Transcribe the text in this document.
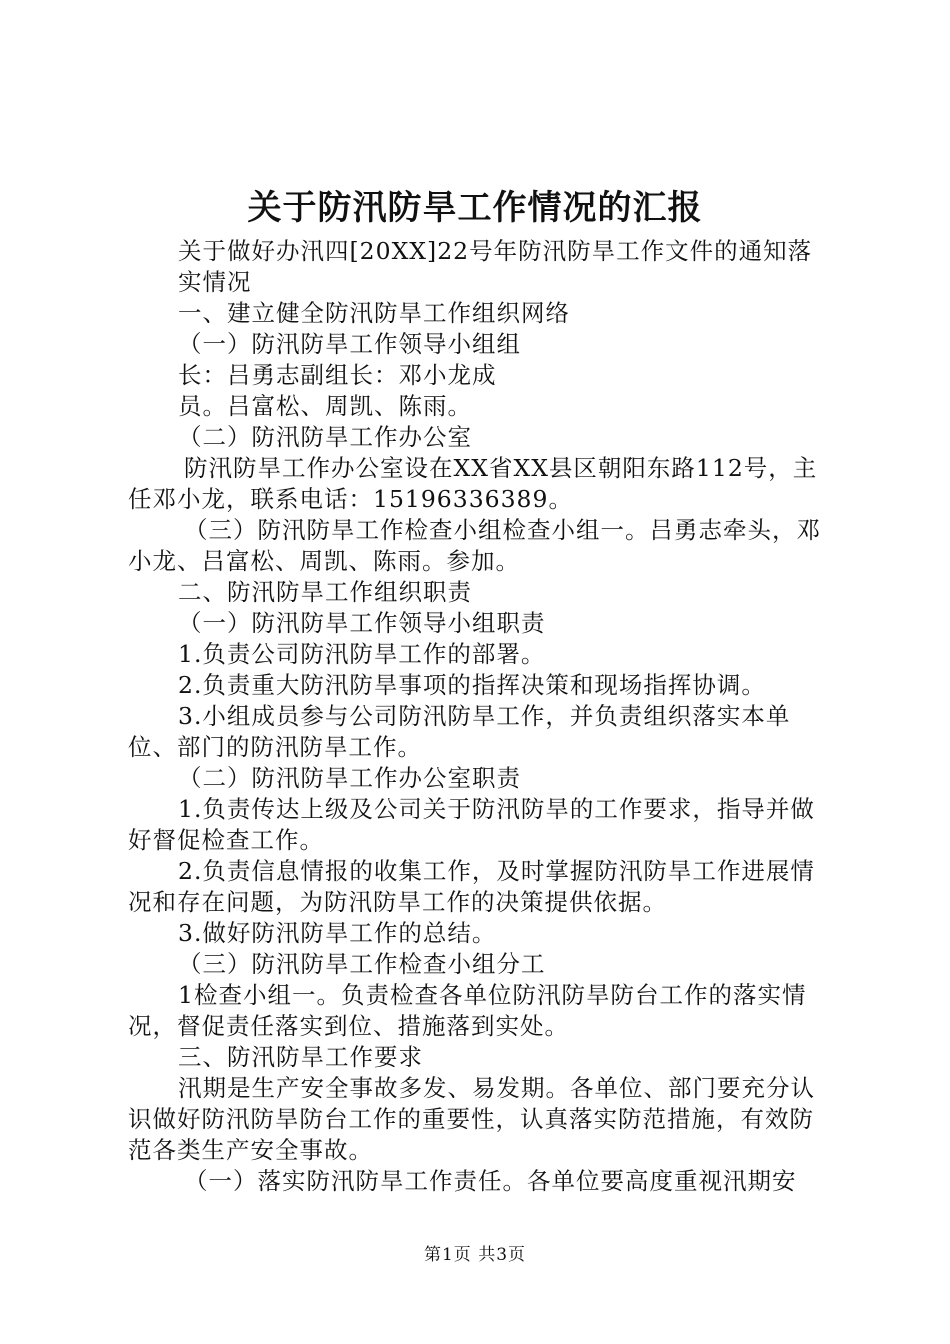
关于防汛防旱工作情况的汇报

关于做好办汛四[20XX]22号年防汛防旱工作文件的通知落实情况

一、建立健全防汛防旱工作组织网络

（一）防汛防旱工作领导小组组

长：吕勇志副组长：邓小龙成

员。吕富松、周凯、陈雨。

（二）防汛防旱工作办公室

防汛防旱工作办公室设在XX省XX县区朝阳东路112号，主任邓小龙，联系电话：15196336389。

（三）防汛防旱工作检查小组检查小组一。吕勇志牵头，邓小龙、吕富松、周凯、陈雨。参加。

二、防汛防旱工作组织职责

（一）防汛防旱工作领导小组职责

1.负责公司防汛防旱工作的部署。

2.负责重大防汛防旱事项的指挥决策和现场指挥协调。

3.小组成员参与公司防汛防旱工作，并负责组织落实本单位、部门的防汛防旱工作。

（二）防汛防旱工作办公室职责

1.负责传达上级及公司关于防汛防旱的工作要求，指导并做好督促检查工作。

2.负责信息情报的收集工作，及时掌握防汛防旱工作进展情况和存在问题，为防汛防旱工作的决策提供依据。

3.做好防汛防旱工作的总结。

（三）防汛防旱工作检查小组分工

1检查小组一。负责检查各单位防汛防旱防台工作的落实情况，督促责任落实到位、措施落到实处。

三、防汛防旱工作要求

汛期是生产安全事故多发、易发期。各单位、部门要充分认识做好防汛防旱防台工作的重要性，认真落实防范措施，有效防范各类生产安全事故。

（一）落实防汛防旱工作责任。各单位要高度重视汛期安

第1页 共3页
